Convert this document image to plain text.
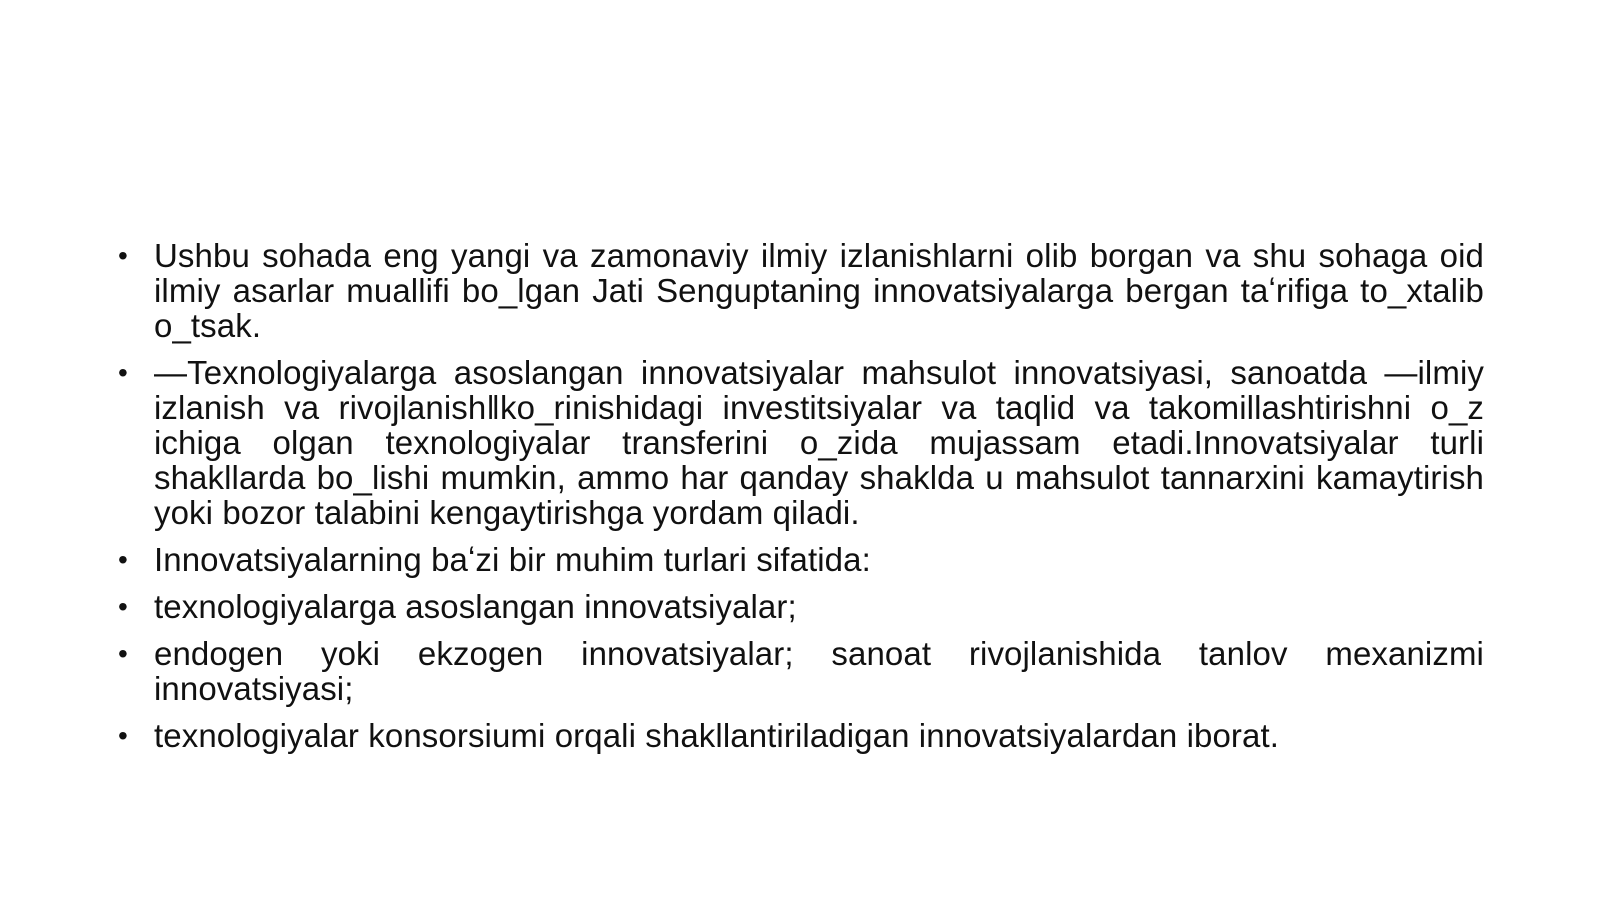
• Ushbu sohada eng yangi va zamonaviy ilmiy izlanishlarni olib borgan va shu sohaga oid ilmiy asarlar muallifi bo_lgan Jati Senguptaning innovatsiyalarga bergan taʻrifiga to_xtalib o_tsak.
• ―Texnologiyalarga asoslangan innovatsiyalar mahsulot innovatsiyasi, sanoatda ―ilmiy izlanish va rivojlanish‖ko_rinishidagi investitsiyalar va taqlid va takomillashtirishni o_z ichiga olgan texnologiyalar transferini o_zida mujassam etadi.Innovatsiyalar turli shakllarda bo_lishi mumkin, ammo har qanday shaklda u mahsulot tannarxini kamaytirish yoki bozor talabini kengaytirishga yordam qiladi.
• Innovatsiyalarning baʻzi bir muhim turlari sifatida:
• texnologiyalarga asoslangan innovatsiyalar;
• endogen yoki ekzogen innovatsiyalar; sanoat rivojlanishida tanlov mexanizmi innovatsiyasi;
• texnologiyalar konsorsiumi orqali shakllantiriladigan innovatsiyalardan iborat.
